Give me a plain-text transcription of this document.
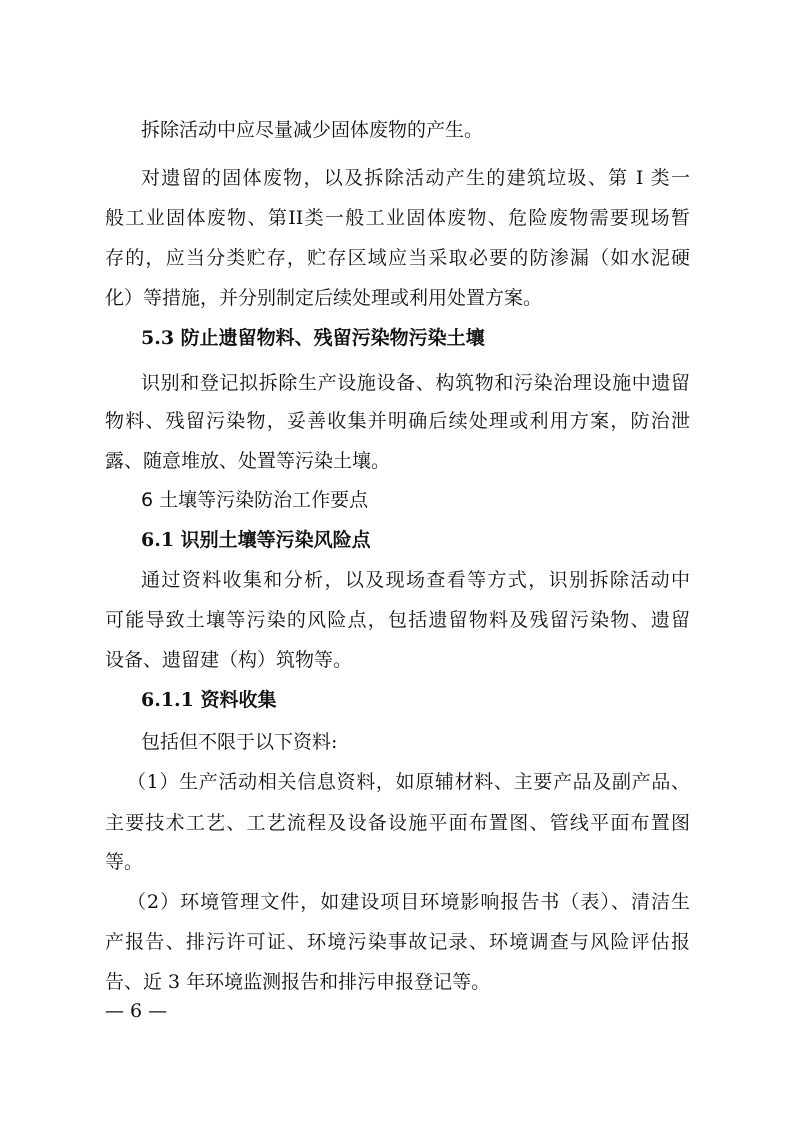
拆除活动中应尽量减少固体废物的产生。
对遗留的固体废物，以及拆除活动产生的建筑垃圾、第 I 类一
般工业固体废物、第II类一般工业固体废物、危险废物需要现场暂
存的，应当分类贮存，贮存区域应当采取必要的防渗漏（如水泥硬
化）等措施，并分别制定后续处理或利用处置方案。
5.3 防止遗留物料、残留污染物污染土壤
识别和登记拟拆除生产设施设备、构筑物和污染治理设施中遗留
物料、残留污染物，妥善收集并明确后续处理或利用方案，防治泄
露、随意堆放、处置等污染土壤。
6 土壤等污染防治工作要点
6.1 识别土壤等污染风险点
通过资料收集和分析，以及现场查看等方式，识别拆除活动中
可能导致土壤等污染的风险点，包括遗留物料及残留污染物、遗留
设备、遗留建（构）筑物等。
6.1.1 资料收集
包括但不限于以下资料:
（1）生产活动相关信息资料，如原辅材料、主要产品及副产品、
主要技术工艺、工艺流程及设备设施平面布置图、管线平面布置图
等。
（2）环境管理文件，如建设项目环境影响报告书（表）、清洁生
产报告、排污许可证、环境污染事故记录、环境调查与风险评估报
告、近 3 年环境监测报告和排污申报登记等。
— 6 —
